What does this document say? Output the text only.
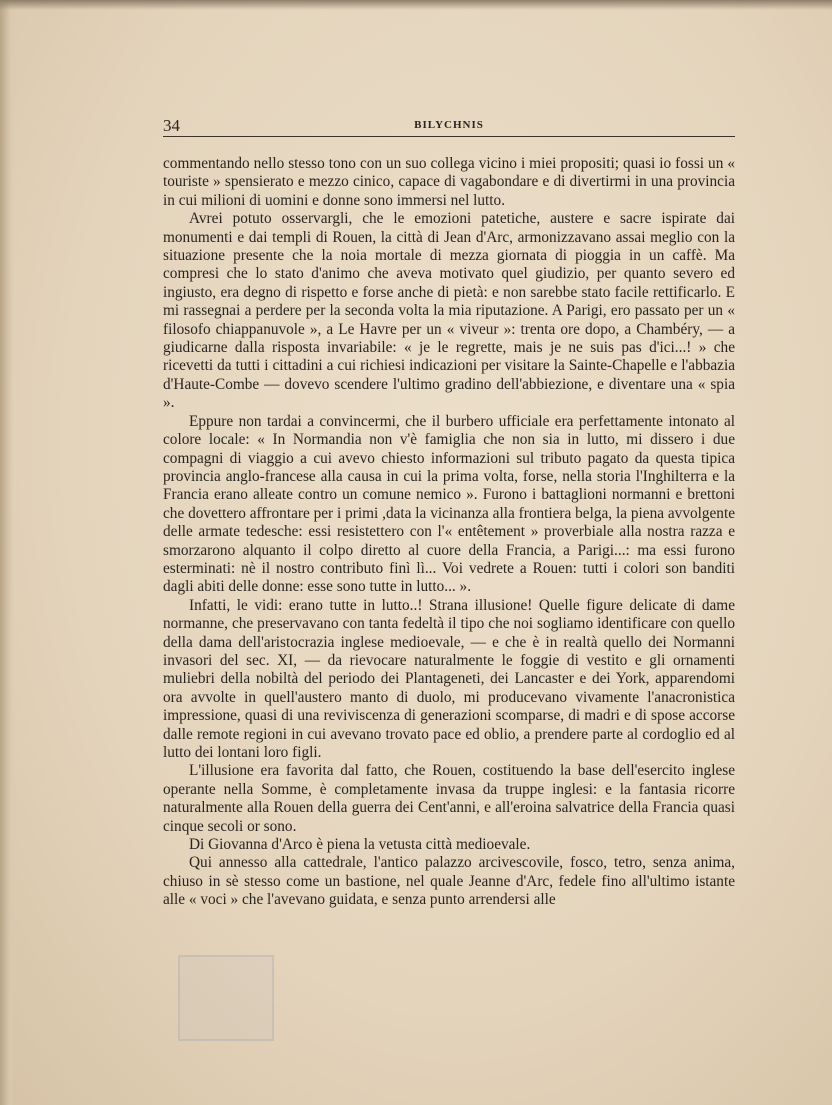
34	BILYCHNIS

commentando nello stesso tono con un suo collega vicino i miei propositi; quasi io fossi un « touriste » spensierato e mezzo cinico, capace di vagabondare e di divertirmi in una provincia in cui milioni di uomini e donne sono immersi nel lutto.

Avrei potuto osservargli, che le emozioni patetiche, austere e sacre ispirate dai monumenti e dai templi di Rouen, la città di Jean d'Arc, armonizzavano assai meglio con la situazione presente che la noia mortale di mezza giornata di pioggia in un caffè. Ma compresi che lo stato d'animo che aveva motivato quel giudizio, per quanto severo ed ingiusto, era degno di rispetto e forse anche di pietà: e non sarebbe stato facile rettificarlo. E mi rassegnai a perdere per la seconda volta la mia riputazione. A Parigi, ero passato per un « filosofo chiappanuvole », a Le Havre per un « viveur »: trenta ore dopo, a Chambéry, — a giudicarne dalla risposta invariabile: « je le regrette, mais je ne suis pas d'ici...! » che ricevetti da tutti i cittadini a cui richiesi indicazioni per visitare la Sainte-Chapelle e l'abbazia d'Haute-Combe — dovevo scendere l'ultimo gradino dell'abbiezione, e diventare una « spia ».

Eppure non tardai a convincermi, che il burbero ufficiale era perfettamente intonato al colore locale: « In Normandia non v'è famiglia che non sia in lutto, mi dissero i due compagni di viaggio a cui avevo chiesto informazioni sul tributo pagato da questa tipica provincia anglo-francese alla causa in cui la prima volta, forse, nella storia l'Inghilterra e la Francia erano alleate contro un comune nemico ». Furono i battaglioni normanni e brettoni che dovettero affrontare per i primi ,data la vicinanza alla frontiera belga, la piena avvolgente delle armate tedesche: essi resistettero con l'« entêtement » proverbiale alla nostra razza e smorzarono alquanto il colpo diretto al cuore della Francia, a Parigi...: ma essi furono esterminati: nè il nostro contributo finì lì... Voi vedrete a Rouen: tutti i colori son banditi dagli abiti delle donne: esse sono tutte in lutto... ».

Infatti, le vidi: erano tutte in lutto..! Strana illusione! Quelle figure delicate di dame normanne, che preservavano con tanta fedeltà il tipo che noi sogliamo identificare con quello della dama dell'aristocrazia inglese medioevale, — e che è in realtà quello dei Normanni invasori del sec. XI, — da rievocare naturalmente le foggie di vestito e gli ornamenti muliebri della nobiltà del periodo dei Plantageneti, dei Lancaster e dei York, apparendomi ora avvolte in quell'austero manto di duolo, mi producevano vivamente l'anacronistica impressione, quasi di una reviviscenza di generazioni scomparse, di madri e di spose accorse dalle remote regioni in cui avevano trovato pace ed oblio, a prendere parte al cordoglio ed al lutto dei lontani loro figli.

L'illusione era favorita dal fatto, che Rouen, costituendo la base dell'esercito inglese operante nella Somme, è completamente invasa da truppe inglesi: e la fantasia ricorre naturalmente alla Rouen della guerra dei Cent'anni, e all'eroina salvatrice della Francia quasi cinque secoli or sono.

Di Giovanna d'Arco è piena la vetusta città medioevale.

Qui annesso alla cattedrale, l'antico palazzo arcivescovile, fosco, tetro, senza anima, chiuso in sè stesso come un bastione, nel quale Jeanne d'Arc, fedele fino all'ultimo istante alle « voci » che l'avevano guidata, e senza punto arrendersi alle
